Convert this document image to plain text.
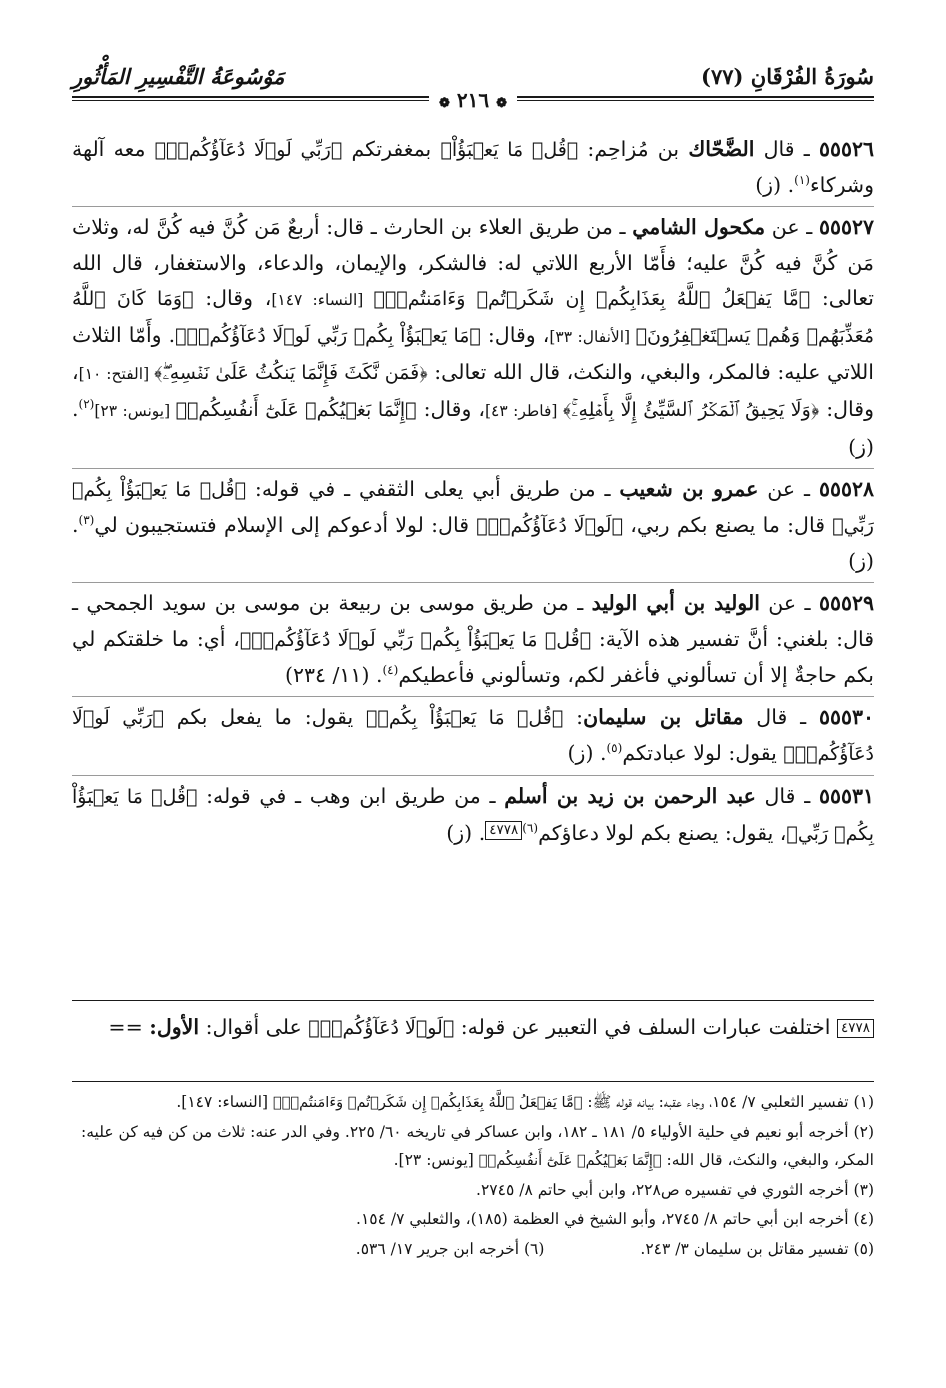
سُورَةُ الفُرْقَانِ (٧٧)
مَوْسُوعَةُ التَّفْسِيرِ المَأْثُورِ
❁ ٢١٦ ❁

٥٥٥٢٦ ـ قال الضَّحّاك بن مُزاحِم: ﴿قُلۡ مَا يَعۡبَؤُاْ﴾ بمغفرتكم ﴿رَبِّي لَوۡلَا دُعَآؤُكُمۡۖ﴾ معه آلهة وشركاء$^{(١)}$. (ز)

٥٥٥٢٧ ـ عن مكحول الشامي ـ من طريق العلاء بن الحارث ـ قال: أربعٌ مَن كُنَّ فيه كُنَّ له، وثلاث مَن كُنَّ فيه كُنَّ عليه؛ فأَمّا الأربع اللاتي له: فالشكر، والإيمان، والدعاء، والاستغفار، قال الله تعالى: ﴿مَّا يَفۡعَلُ ٱللَّهُ بِعَذَابِكُمۡ إِن شَكَرۡتُمۡ وَءَامَنتُمۡۚ﴾ [النساء: ١٤٧]، وقال: ﴿وَمَا كَانَ ٱللَّهُ مُعَذِّبَهُمۡ وَهُمۡ يَسۡتَغۡفِرُونَ﴾ [الأنفال: ٣٣]، وقال: ﴿مَا يَعۡبَؤُاْ بِكُمۡ رَبِّي لَوۡلَا دُعَآؤُكُمۡۖ﴾. وأَمّا الثلاث اللاتي عليه: فالمكر، والبغي، والنكث، قال الله تعالى: ﴿فَمَن نَّكَثَ فَإِنَّمَا يَنكُثُ عَلَىٰ نَفۡسِهِۦۖ﴾ [الفتح: ١٠]، وقال: ﴿وَلَا يَحِيقُ ٱلۡمَكۡرُ ٱلسَّيِّئُ إِلَّا بِأَهۡلِهِۦۚ﴾ [فاطر: ٤٣]، وقال: ﴿إِنَّمَا بَغۡيُكُمۡ عَلَىٰٓ أَنفُسِكُمۖ﴾ [يونس: ٢٣]$^{(٢)}$. (ز)

٥٥٥٢٨ ـ عن عمرو بن شعيب ـ من طريق أبي يعلى الثقفي ـ في قوله: ﴿قُلۡ مَا يَعۡبَؤُاْ بِكُمۡ رَبِّي﴾ قال: ما يصنع بكم ربي، ﴿لَوۡلَا دُعَآؤُكُمۡۖ﴾ قال: لولا أدعوكم إلى الإسلام فتستجيبون لي$^{(٣)}$. (ز)

٥٥٥٢٩ ـ عن الوليد بن أبي الوليد ـ من طريق موسى بن ربيعة بن موسى بن سويد الجمحي ـ قال: بلغني: أنَّ تفسير هذه الآية: ﴿قُلۡ مَا يَعۡبَؤُاْ بِكُمۡ رَبِّي لَوۡلَا دُعَآؤُكُمۡۖ﴾، أي: ما خلقتكم لي بكم حاجةٌ إلا أن تسألوني فأغفر لكم، وتسألوني فأعطيكم$^{(٤)}$. (١١/ ٢٣٤)

٥٥٥٣٠ ـ قال مقاتل بن سليمان: ﴿قُلۡ مَا يَعۡبَؤُاْ بِكُمۡ﴾ يقول: ما يفعل بكم ﴿رَبِّي لَوۡلَا دُعَآؤُكُمۡۖ﴾ يقول: لولا عبادتكم$^{(٥)}$. (ز)

٥٥٥٣١ ـ قال عبد الرحمن بن زيد بن أسلم ـ من طريق ابن وهب ـ في قوله: ﴿قُلۡ مَا يَعۡبَؤُاْ بِكُمۡ رَبِّي﴾، يقول: يصنع بكم لولا دعاؤكم$^{(٦)}$٤٧٧٨. (ز)

٤٧٧٨ اختلفت عبارات السلف في التعبير عن قوله: ﴿لَوۡلَا دُعَآؤُكُمۡۖ﴾ على أقوال: الأول: ==

(١) تفسير الثعلبي ٧/ ١٥٤، وجاء عقبه: بيانه قوله ﷺ: ﴿مَّا يَفۡعَلُ ٱللَّهُ بِعَذَابِكُمۡ إِن شَكَرۡتُمۡ وَءَامَنتُمۡۚ﴾ [النساء: ١٤٧].

(٢) أخرجه أبو نعيم في حلية الأولياء ٥/ ١٨١ ـ ١٨٢، وابن عساكر في تاريخه ٦٠/ ٢٢٥. وفي الدر عنه: ثلاث من كن فيه كن عليه: المكر، والبغي، والنكث، قال الله: ﴿إِنَّمَا بَغۡيُكُمۡ عَلَىٰٓ أَنفُسِكُمۖ﴾ [يونس: ٢٣].

(٣) أخرجه الثوري في تفسيره ص٢٢٨، وابن أبي حاتم ٨/ ٢٧٤٥.

(٤) أخرجه ابن أبي حاتم ٨/ ٢٧٤٥، وأبو الشيخ في العظمة (١٨٥)، والثعلبي ٧/ ١٥٤.

(٥) تفسير مقاتل بن سليمان ٣/ ٢٤٣.
(٦) أخرجه ابن جرير ١٧/ ٥٣٦.
